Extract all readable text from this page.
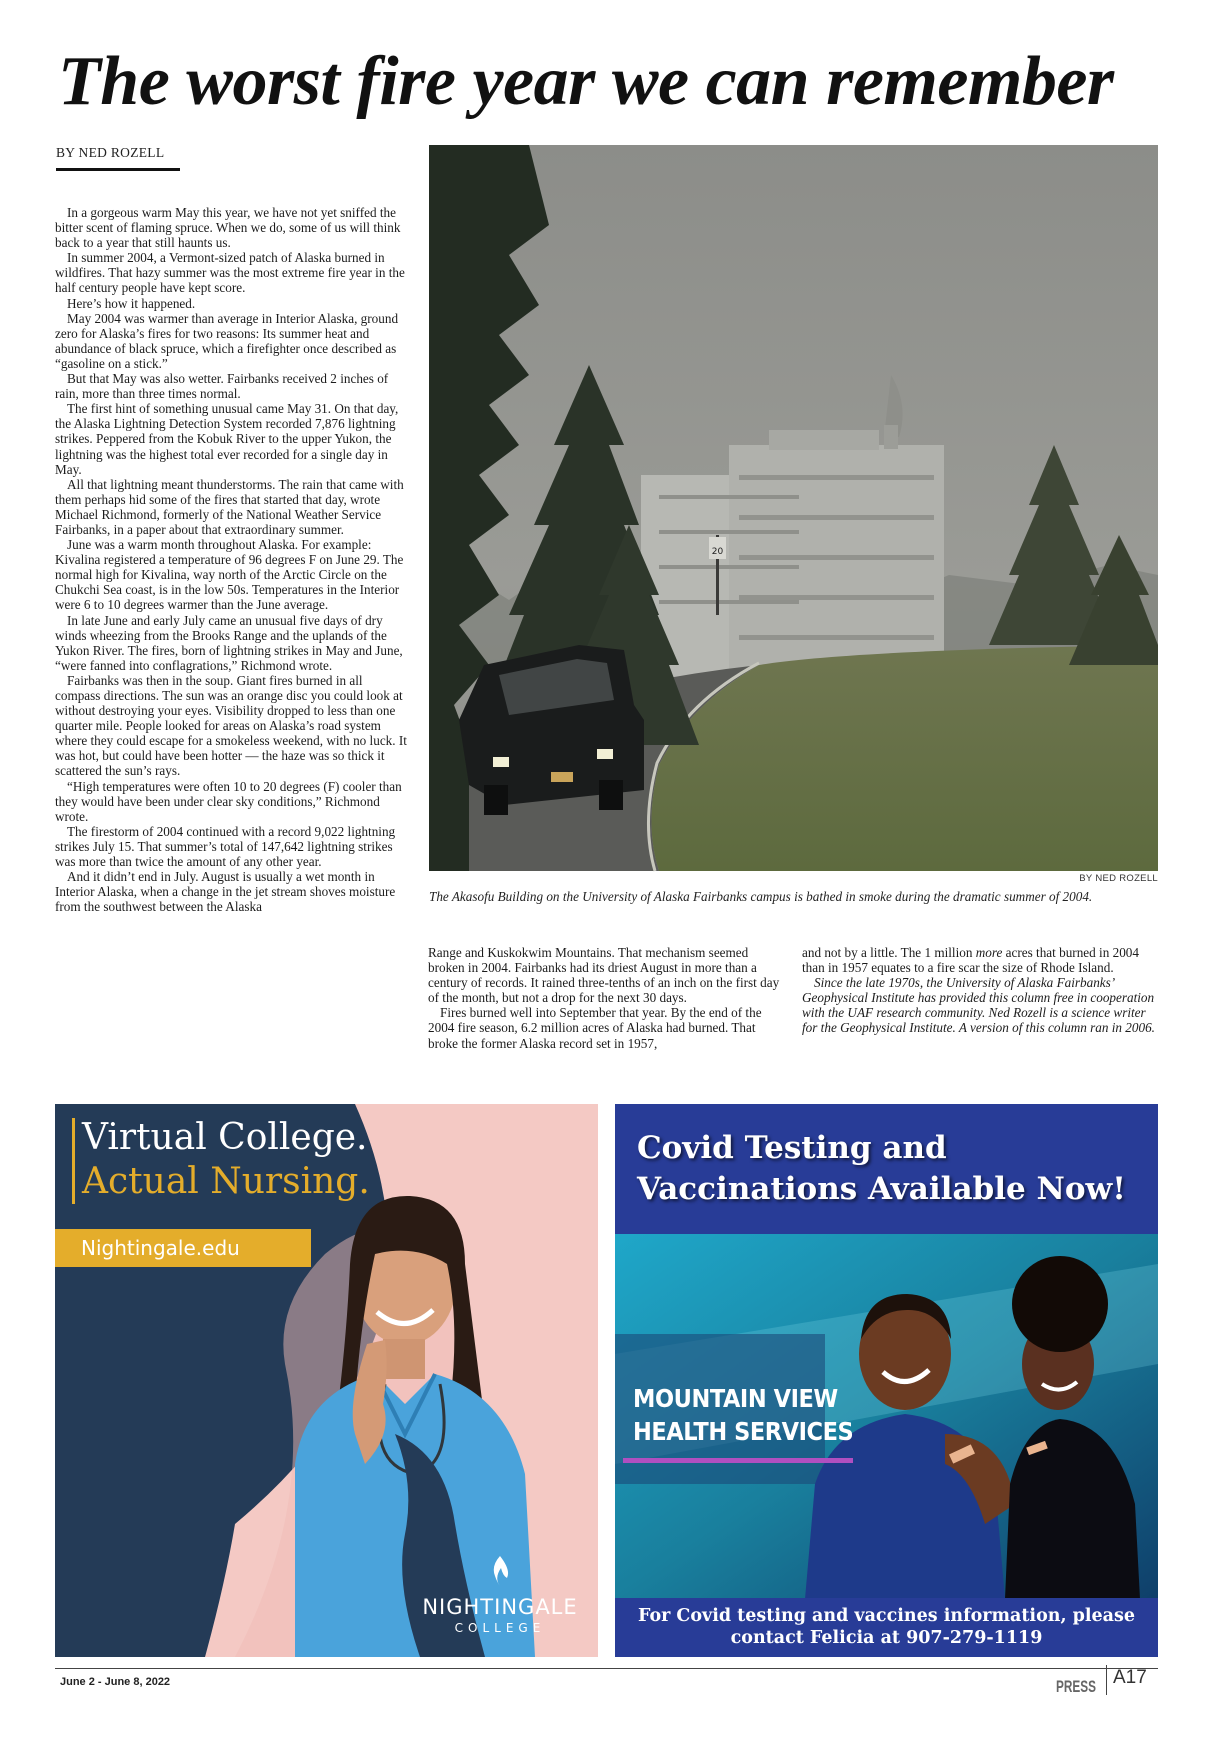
The worst fire year we can remember
BY NED ROZELL

In a gorgeous warm May this year, we have not yet sniffed the bitter scent of flaming spruce. When we do, some of us will think back to a year that still haunts us.

In summer 2004, a Vermont-sized patch of Alaska burned in wildfires. That hazy summer was the most extreme fire year in the half century people have kept score.

Here’s how it happened.

May 2004 was warmer than average in Interior Alaska, ground zero for Alaska’s fires for two reasons: Its summer heat and abundance of black spruce, which a firefighter once described as “gasoline on a stick.”

But that May was also wetter. Fairbanks received 2 inches of rain, more than three times normal.

The first hint of something unusual came May 31. On that day, the Alaska Lightning Detection System recorded 7,876 lightning strikes. Peppered from the Kobuk River to the upper Yukon, the lightning was the highest total ever recorded for a single day in May.

All that lightning meant thunderstorms. The rain that came with them perhaps hid some of the fires that started that day, wrote Michael Richmond, formerly of the National Weather Service Fairbanks, in a paper about that extraordinary summer.

June was a warm month throughout Alaska. For example: Kivalina registered a temperature of 96 degrees F on June 29. The normal high for Kivalina, way north of the Arctic Circle on the Chukchi Sea coast, is in the low 50s. Temperatures in the Interior were 6 to 10 degrees warmer than the June average.

In late June and early July came an unusual five days of dry winds wheezing from the Brooks Range and the uplands of the Yukon River. The fires, born of lightning strikes in May and June, “were fanned into conflagrations,” Richmond wrote.

Fairbanks was then in the soup. Giant fires burned in all compass directions. The sun was an orange disc you could look at without destroying your eyes. Visibility dropped to less than one quarter mile. People looked for areas on Alaska’s road system where they could escape for a smokeless weekend, with no luck. It was hot, but could have been hotter — the haze was so thick it scattered the sun’s rays.

“High temperatures were often 10 to 20 degrees (F) cooler than they would have been under clear sky conditions,” Richmond wrote.

The firestorm of 2004 continued with a record 9,022 lightning strikes July 15. That summer’s total of 147,642 lightning strikes was more than twice the amount of any other year.

And it didn’t end in July. August is usually a wet month in Interior Alaska, when a change in the jet stream shoves moisture from the southwest between the Alaska

20
BY NED ROZELL
The Akasofu Building on the University of Alaska Fairbanks campus is bathed in smoke during the dramatic summer of 2004.

Range and Kuskokwim Mountains. That mechanism seemed broken in 2004. Fairbanks had its driest August in more than a century of records. It rained three-tenths of an inch on the first day of the month, but not a drop for the next 30 days.

Fires burned well into September that year. By the end of the 2004 fire season, 6.2 million acres of Alaska had burned. That broke the former Alaska record set in 1957,

and not by a little. The 1 million more acres that burned in 2004 than in 1957 equates to a fire scar the size of Rhode Island.

Since the late 1970s, the University of Alaska Fairbanks’ Geophysical Institute has provided this column free in cooperation with the UAF research community. Ned Rozell is a science writer for the Geophysical Institute. A version of this column ran in 2006.

Virtual College.
Actual Nursing.
Nightingale.edu
NIGHTINGALE
COLLEGE
Covid Testing and Vaccinations Available Now!
MOUNTAIN VIEW
HEALTH SERVICES
For Covid testing and vaccines information, please contact Felicia at 907-279-1119
June 2 - June 8, 2022	PRESS A17
